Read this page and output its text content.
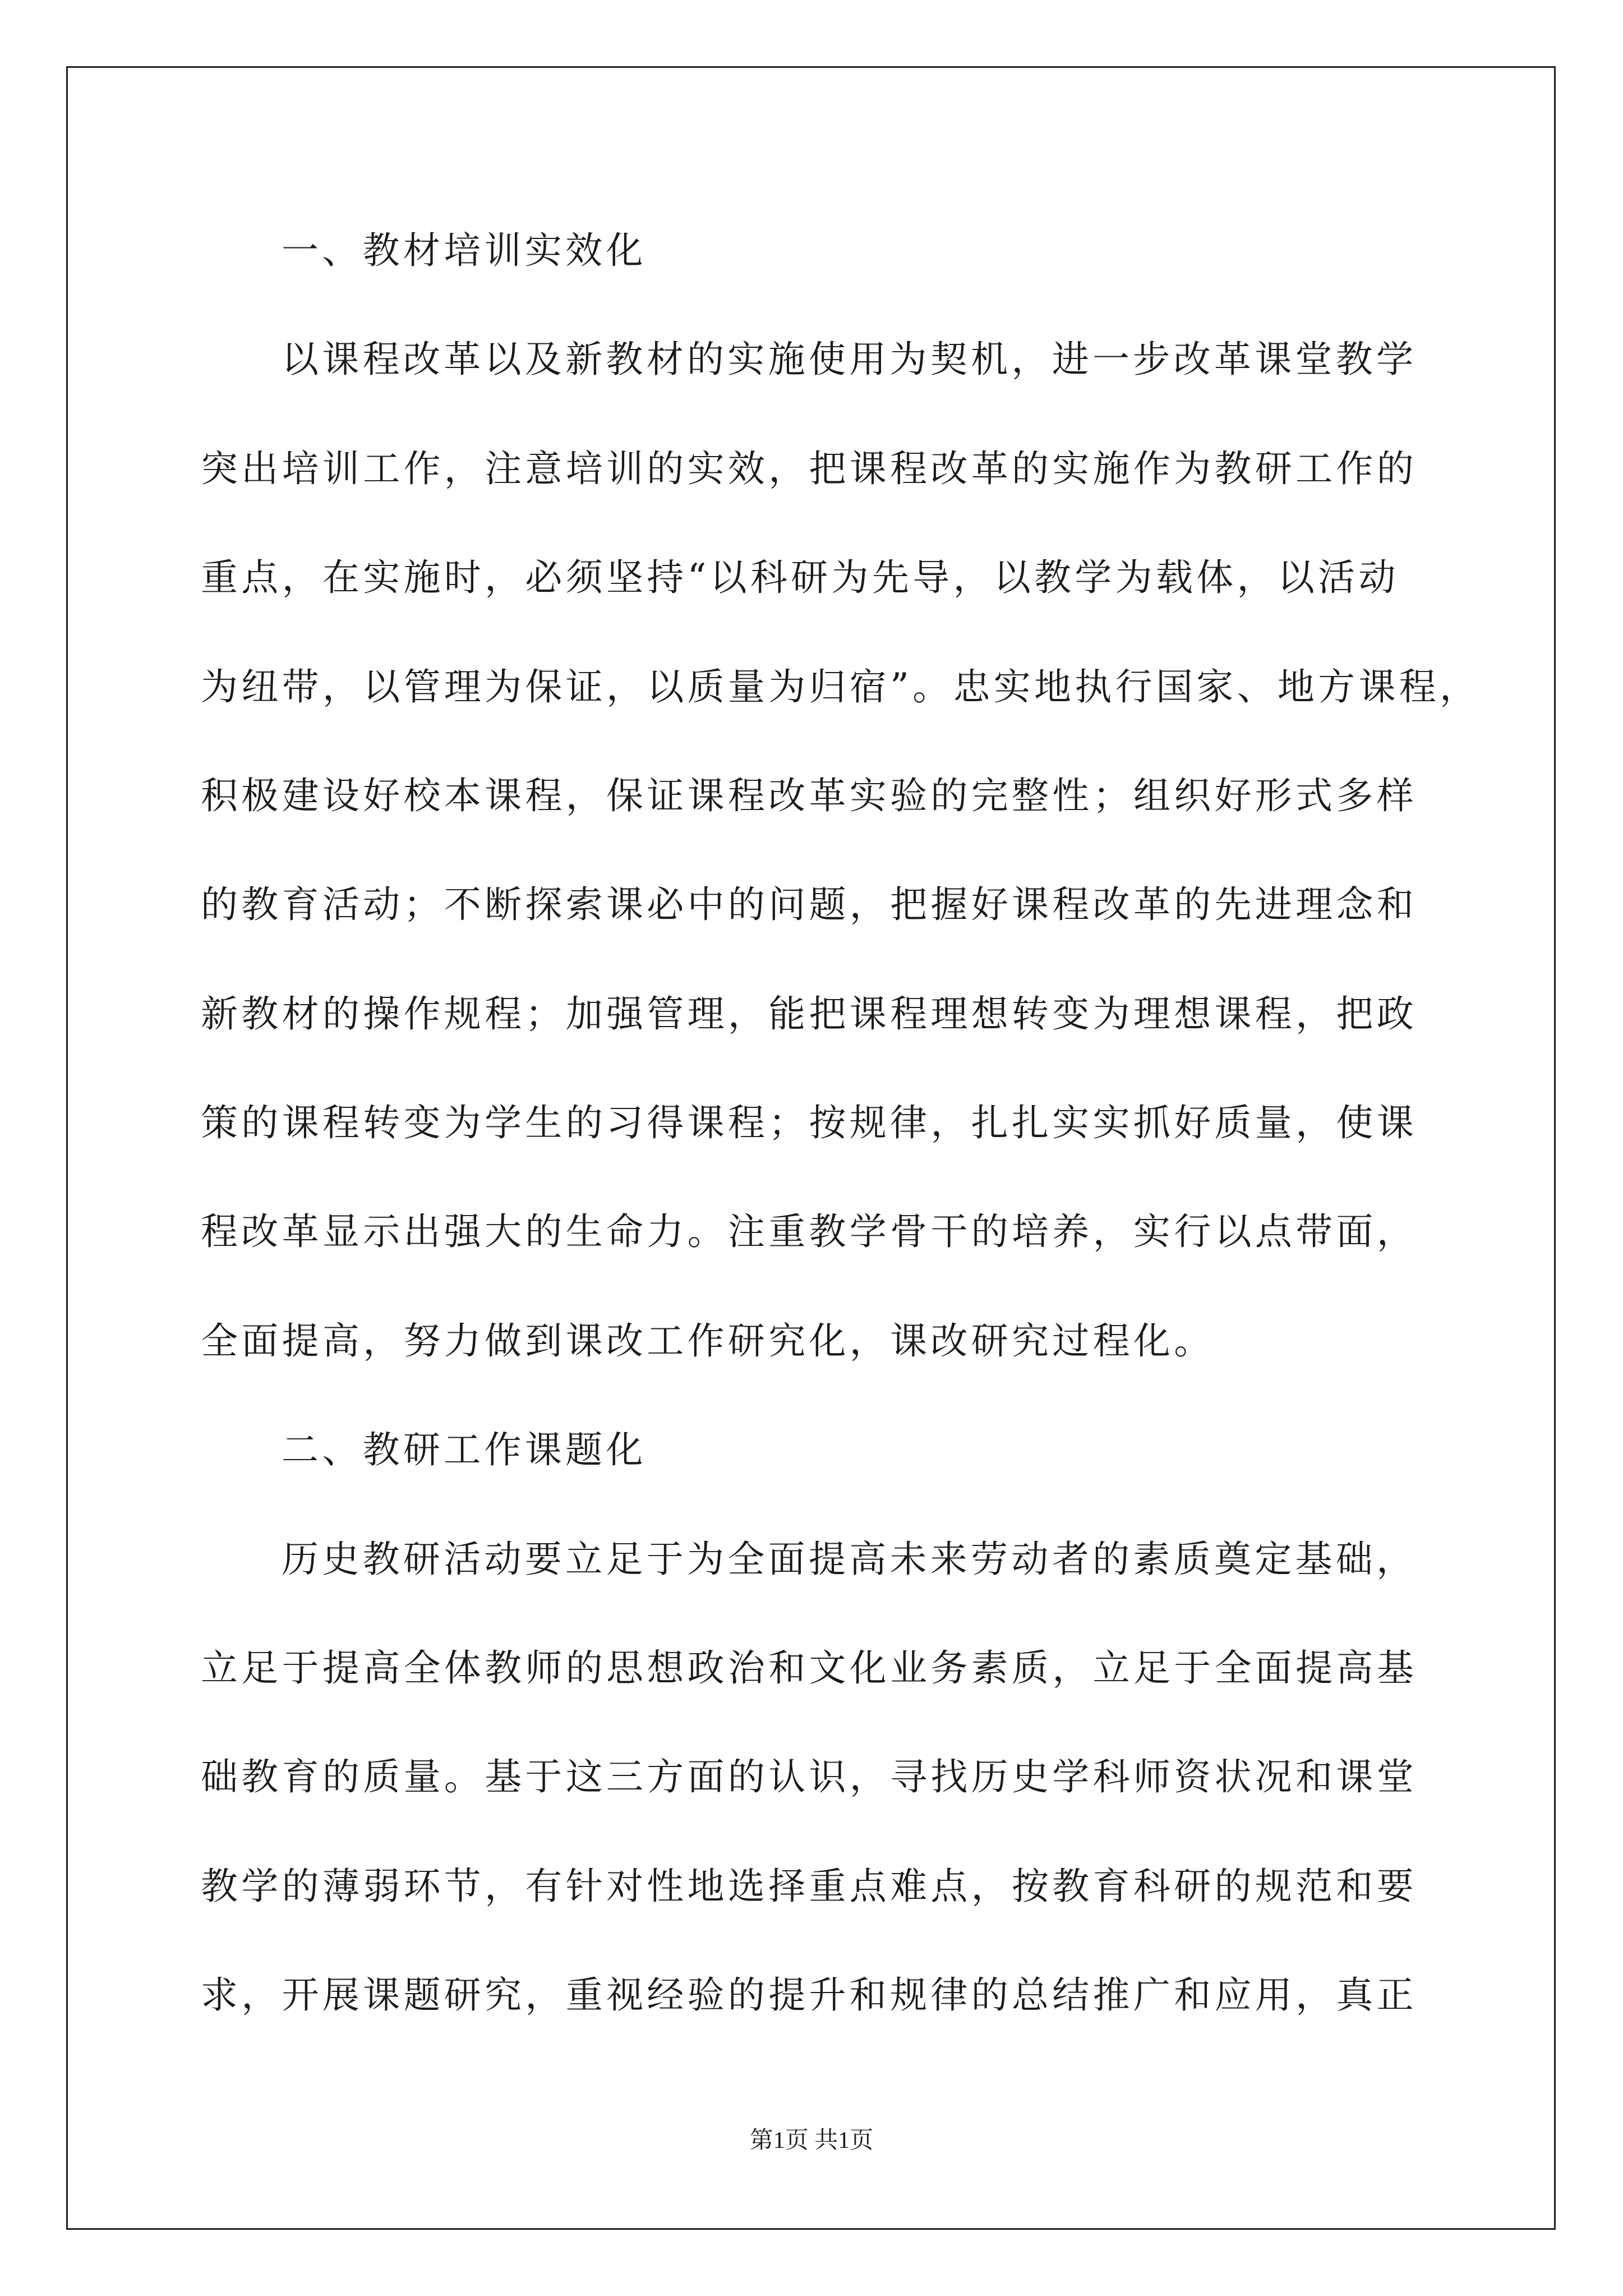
一、教材培训实效化
以课程改革以及新教材的实施使用为契机，进一步改革课堂教学
突出培训工作，注意培训的实效，把课程改革的实施作为教研工作的
重点，在实施时，必须坚持“以科研为先导，以教学为载体，以活动
为纽带，以管理为保证，以质量为归宿”。忠实地执行国家、地方课程，
积极建设好校本课程，保证课程改革实验的完整性；组织好形式多样
的教育活动；不断探索课必中的问题，把握好课程改革的先进理念和
新教材的操作规程；加强管理，能把课程理想转变为理想课程，把政
策的课程转变为学生的习得课程；按规律，扎扎实实抓好质量，使课
程改革显示出强大的生命力。注重教学骨干的培养，实行以点带面，
全面提高，努力做到课改工作研究化，课改研究过程化。
二、教研工作课题化
历史教研活动要立足于为全面提高未来劳动者的素质奠定基础，
立足于提高全体教师的思想政治和文化业务素质，立足于全面提高基
础教育的质量。基于这三方面的认识，寻找历史学科师资状况和课堂
教学的薄弱环节，有针对性地选择重点难点，按教育科研的规范和要
求，开展课题研究，重视经验的提升和规律的总结推广和应用，真正
第1页 共1页
